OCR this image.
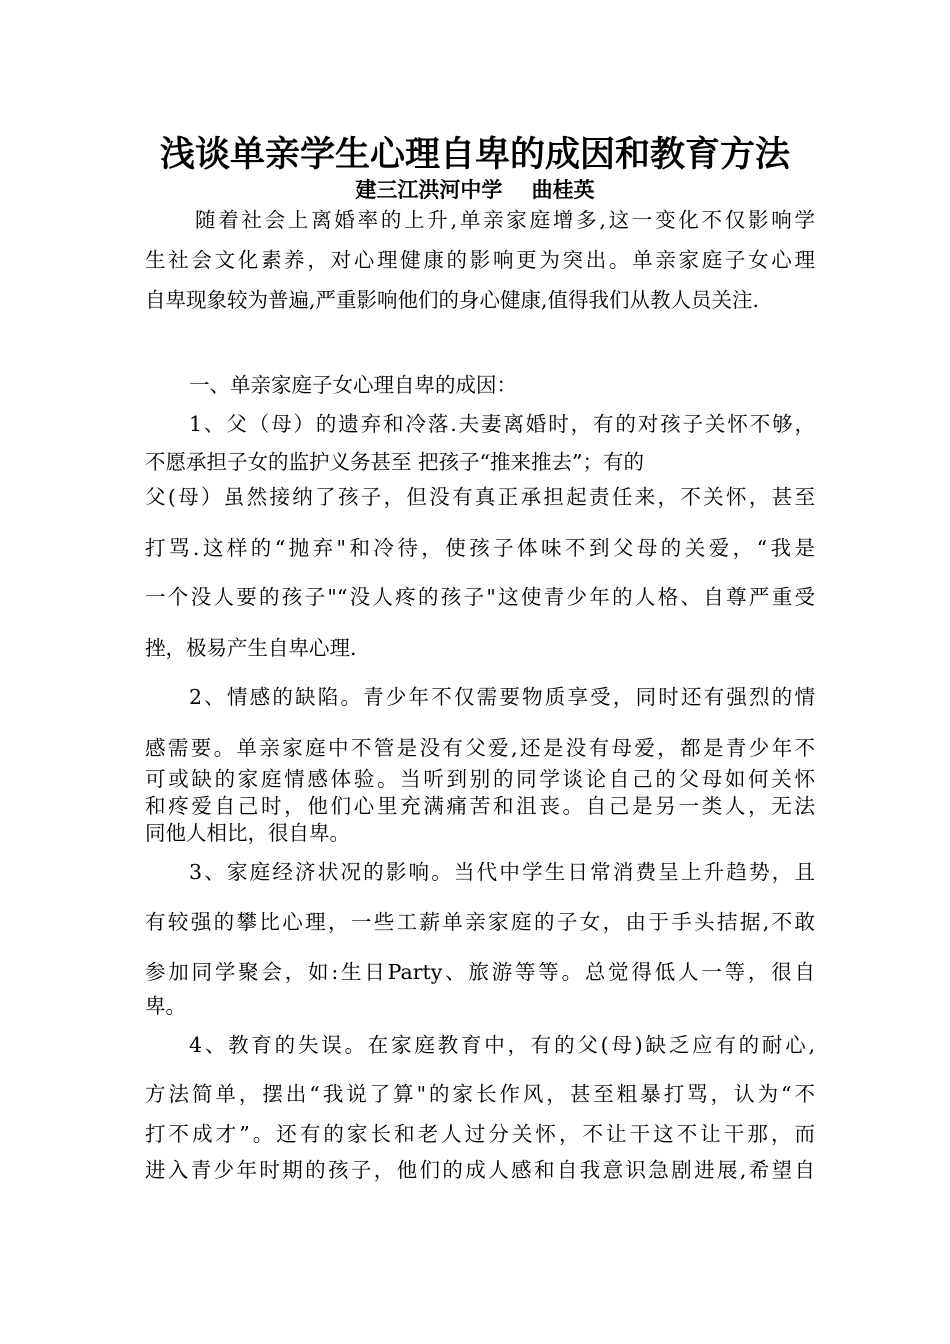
浅谈单亲学生心理自卑的成因和教育方法
建三江洪河中学    曲桂英
随着社会上离婚率的上升,单亲家庭增多,这一变化不仅影响学
生社会文化素养，对心理健康的影响更为突出。单亲家庭子女心理
自卑现象较为普遍,严重影响他们的身心健康,值得我们从教人员关注.
一、单亲家庭子女心理自卑的成因：
1、父（母）的遗弃和冷落.夫妻离婚时，有的对孩子关怀不够，
不愿承担子女的监护义务甚至 把孩子“推来推去”；有的
父(母）虽然接纳了孩子，但没有真正承担起责任来，不关怀，甚至
打骂.这样的“抛弃"和冷待，使孩子体味不到父母的关爱，“我是
一个没人要的孩子"“没人疼的孩子"这使青少年的人格、自尊严重受
挫，极易产生自卑心理.
2、情感的缺陷。青少年不仅需要物质享受，同时还有强烈的情
感需要。单亲家庭中不管是没有父爱,还是没有母爱，都是青少年不
可或缺的家庭情感体验。当听到别的同学谈论自己的父母如何关怀
和疼爱自己时，他们心里充满痛苦和沮丧。自己是另一类人，无法
同他人相比，很自卑。
3、家庭经济状况的影响。当代中学生日常消费呈上升趋势，且
有较强的攀比心理，一些工薪单亲家庭的子女，由于手头拮据,不敢
参加同学聚会，如:生日Party、旅游等等。总觉得低人一等，很自
卑。
4、教育的失误。在家庭教育中，有的父(母)缺乏应有的耐心,
方法简单，摆出“我说了算"的家长作风，甚至粗暴打骂，认为“不
打不成才”。还有的家长和老人过分关怀，不让干这不让干那，而
进入青少年时期的孩子，他们的成人感和自我意识急剧进展,希望自
